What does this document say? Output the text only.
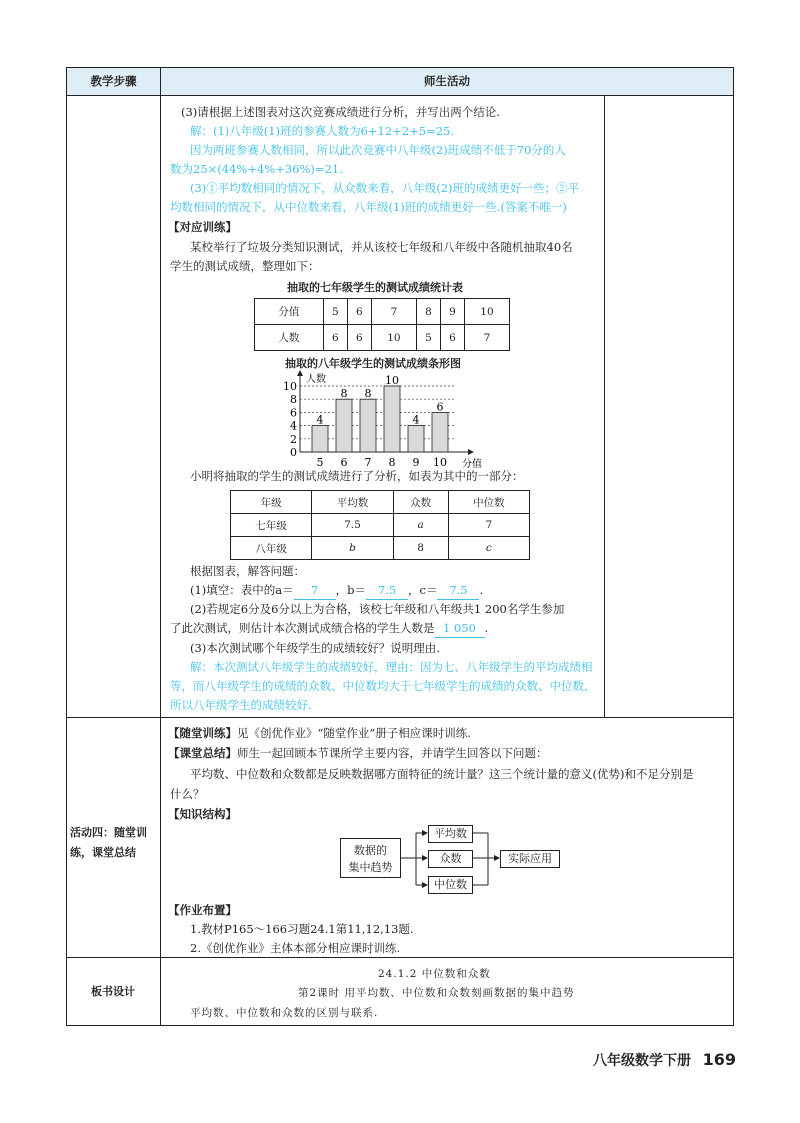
教学步骤	师生活动
(3)请根据上述图表对这次竞赛成绩进行分析，并写出两个结论.
解：(1)八年级(1)班的参赛人数为6+12+2+5=25.
因为两班参赛人数相同，所以此次竞赛中八年级(2)班成绩不低于70分的人
数为25×(44%+4%+36%)=21.
(3)①平均数相同的情况下，从众数来看，八年级(2)班的成绩更好一些；②平
均数相同的情况下，从中位数来看，八年级(1)班的成绩更好一些.(答案不唯一)
【对应训练】
某校举行了垃圾分类知识测试，并从该校七年级和八年级中各随机抽取40名
学生的测试成绩，整理如下：
抽取的七年级学生的测试成绩统计表
分值	5	6	7	8	9	10
人数	6	6	10	5	6	7
抽取的八年级学生的测试成绩条形图
0
2
4
6
8
10
人数
分值
4
5
8
6
8
7
10
8
4
9
6
10
小明将抽取的学生的测试成绩进行了分析，如表为其中的一部分：
年级	平均数	众数	中位数
七年级	7.5	a	7
八年级	b	8	c
根据图表，解答问题：
(1)填空：表中的a＝ 7 ，b＝ 7.5 ，c＝ 7.5 .
(2)若规定6分及6分以上为合格，该校七年级和八年级共1 200名学生参加
了此次测试，则估计本次测试成绩合格的学生人数是 1 050 .
(3)本次测试哪个年级学生的成绩较好？说明理由.
解：本次测试八年级学生的成绩较好，理由：因为七、八年级学生的平均成绩相
等，而八年级学生的成绩的众数、中位数均大于七年级学生的成绩的众数、中位数，
所以八年级学生的成绩较好.
活动四：随堂训
练，课堂总结
【随堂训练】见《创优作业》“随堂作业”册子相应课时训练.
【课堂总结】师生一起回顾本节课所学主要内容，并请学生回答以下问题：
平均数、中位数和众数都是反映数据哪方面特征的统计量？这三个统计量的意义(优势)和不足分别是
什么？
【知识结构】
数据的
集中趋势
平均数
众数
中位数
实际应用
【作业布置】
1.教材P165～166习题24.1第11,12,13题.
2.《创优作业》主体本部分相应课时训练.
板书设计
24.1.2 中位数和众数
第2课时 用平均数、中位数和众数刻画数据的集中趋势
平均数、中位数和众数的区别与联系.
八年级数学下册 169
